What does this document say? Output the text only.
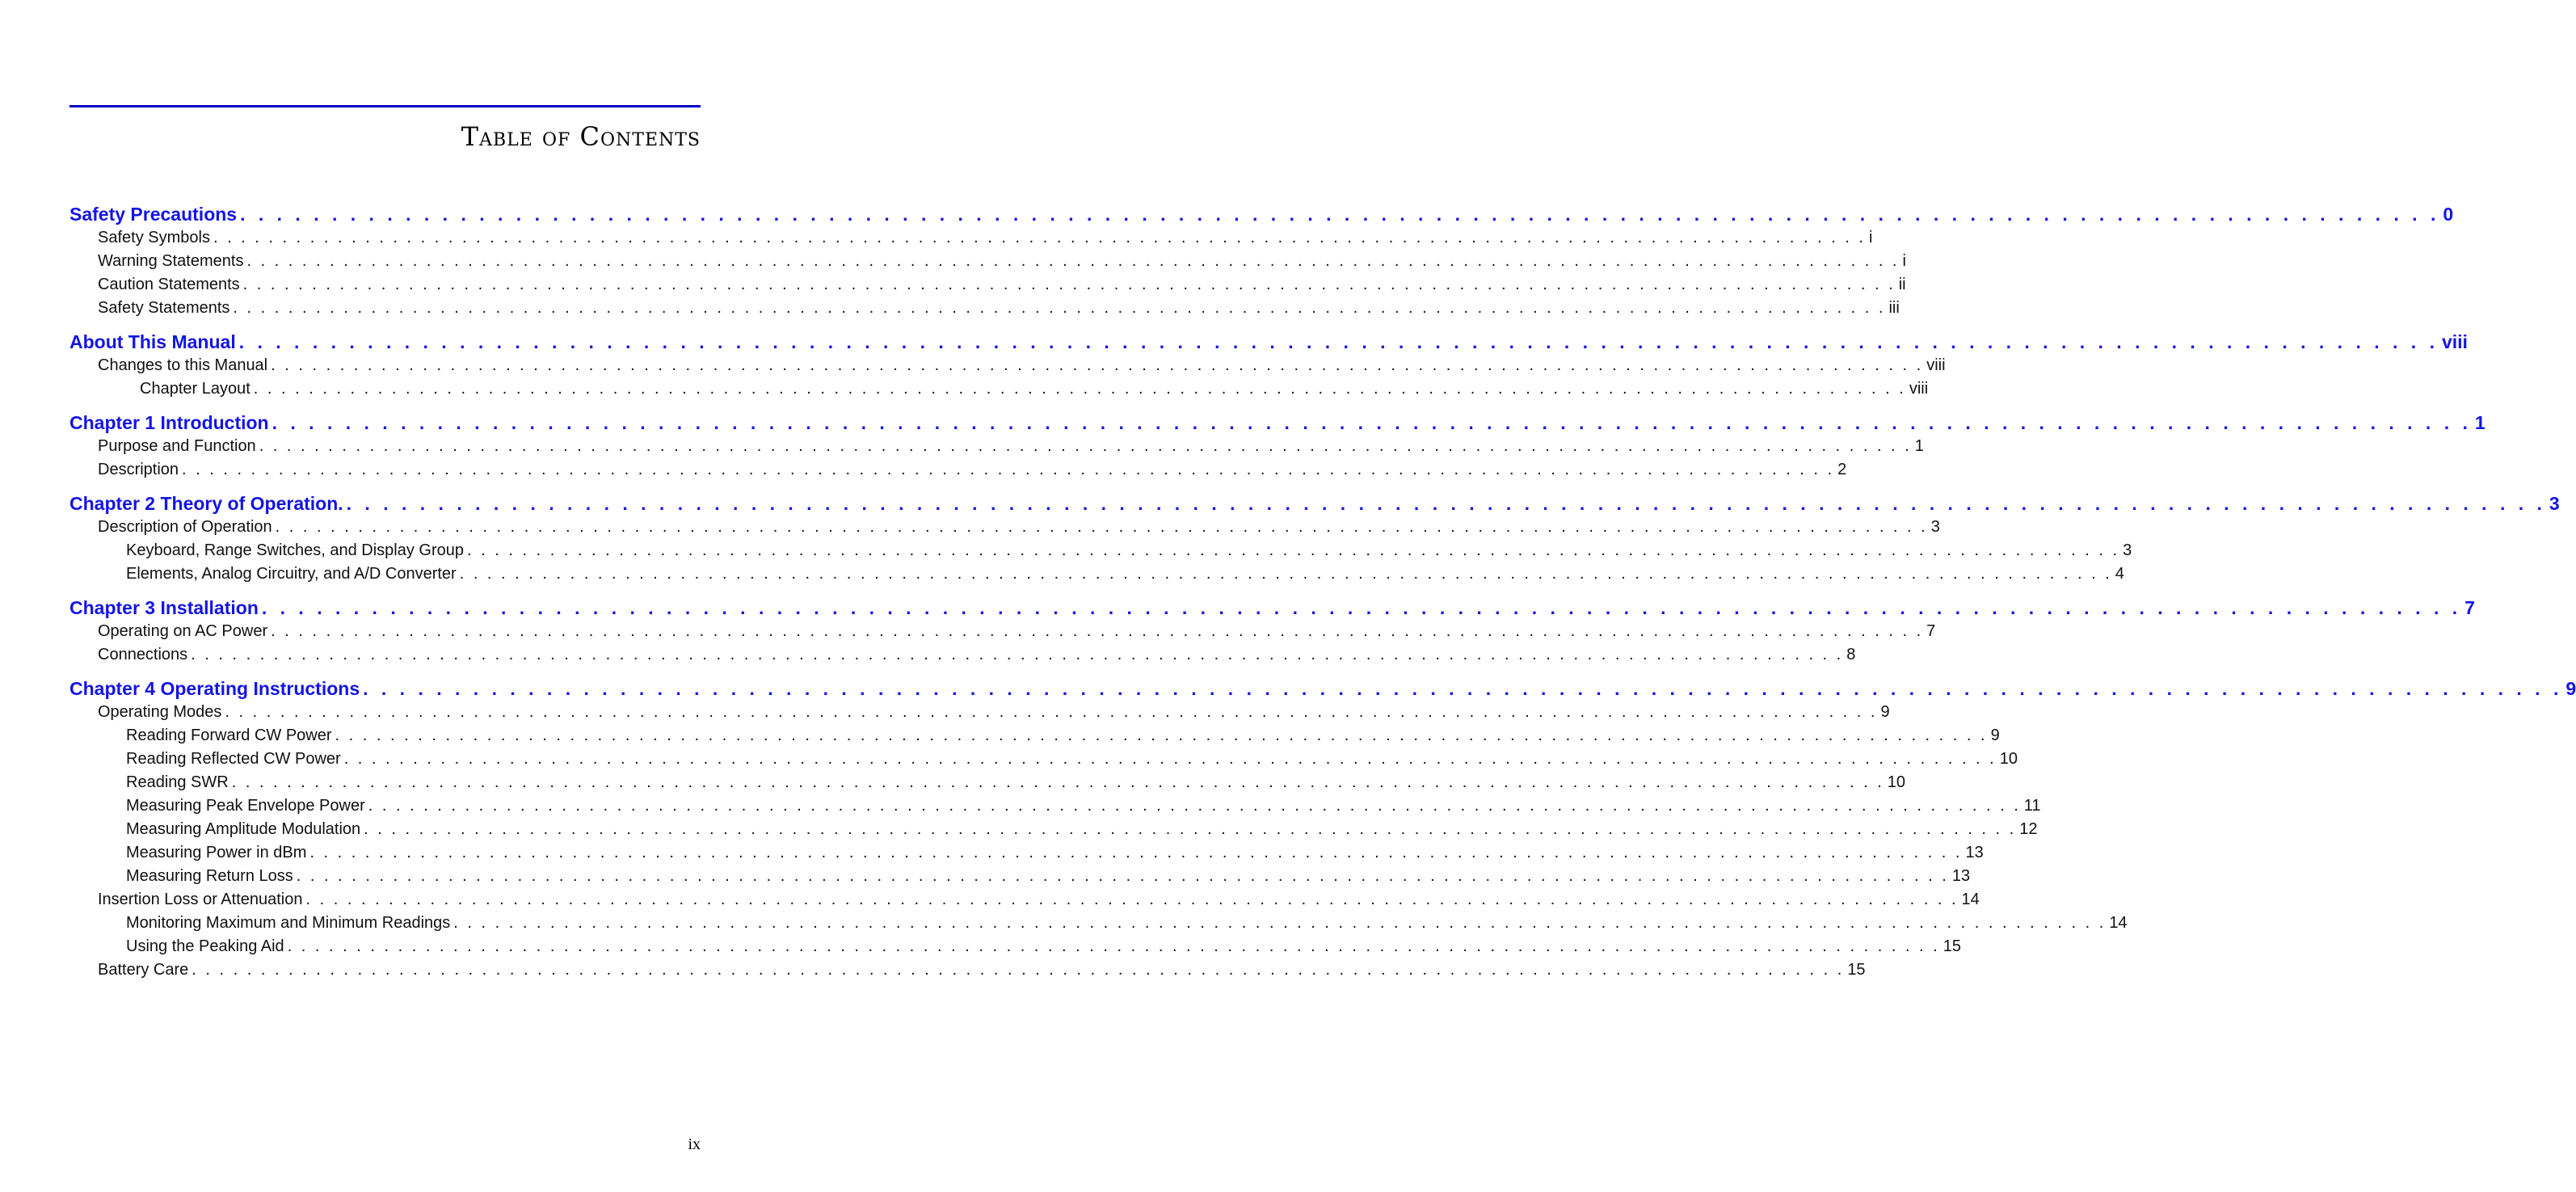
Table of Contents
Safety Precautions . . . . . . . . . . . . . . . . . . . . . . . . . . . . . . . . . . . . . . . . . . . . . . . . . . . . . . . . . . . . . . . . . . . . . . . . . . . . . . . . . . . . . . . . . . . . . . . . . . . . . . . . . . . . . . . . . . . . . . . . 0
Safety Symbols . . . . . . . . . . . . . . . . . . . . . . . . . . . . . . . . . . . . . . . . . . . . . . . . . . . . . . . . . . . . . . . . . . . . . . . . . . . . . . . . . . . . . . . . . . . . . . . . . . . . . . . . . . . . . . . . . . . . . . . . i
Warning Statements . . . . . . . . . . . . . . . . . . . . . . . . . . . . . . . . . . . . . . . . . . . . . . . . . . . . . . . . . . . . . . . . . . . . . . . . . . . . . . . . . . . . . . . . . . . . . . . . . . . . . . . . . . . . . . . . . . . . . . . . i
Caution Statements . . . . . . . . . . . . . . . . . . . . . . . . . . . . . . . . . . . . . . . . . . . . . . . . . . . . . . . . . . . . . . . . . . . . . . . . . . . . . . . . . . . . . . . . . . . . . . . . . . . . . . . . . . . . . . . . . . . . . . . . ii
Safety Statements . . . . . . . . . . . . . . . . . . . . . . . . . . . . . . . . . . . . . . . . . . . . . . . . . . . . . . . . . . . . . . . . . . . . . . . . . . . . . . . . . . . . . . . . . . . . . . . . . . . . . . . . . . . . . . . . . . . . . . . . iii
About This Manual . . . . . . . . . . . . . . . . . . . . . . . . . . . . . . . . . . . . . . . . . . . . . . . . . . . . . . . . . . . . . . . . . . . . . . . . . . . . . . . . . . . . . . . . . . . . . . . . . . . . . . . . . . . . . . . . . . . . . . . . viii
Changes to this Manual . . . . . . . . . . . . . . . . . . . . . . . . . . . . . . . . . . . . . . . . . . . . . . . . . . . . . . . . . . . . . . . . . . . . . . . . . . . . . . . . . . . . . . . . . . . . . . . . . . . . . . . . . . . . . . . . . . . . . . . . viii
Chapter Layout . . . . . . . . . . . . . . . . . . . . . . . . . . . . . . . . . . . . . . . . . . . . . . . . . . . . . . . . . . . . . . . . . . . . . . . . . . . . . . . . . . . . . . . . . . . . . . . . . . . . . . . . . . . . . . . . . . . . . . . . viii
Chapter 1 Introduction . . . . . . . . . . . . . . . . . . . . . . . . . . . . . . . . . . . . . . . . . . . . . . . . . . . . . . . . . . . . . . . . . . . . . . . . . . . . . . . . . . . . . . . . . . . . . . . . . . . . . . . . . . . . . . . . . . . . . . . . 1
Purpose and Function . . . . . . . . . . . . . . . . . . . . . . . . . . . . . . . . . . . . . . . . . . . . . . . . . . . . . . . . . . . . . . . . . . . . . . . . . . . . . . . . . . . . . . . . . . . . . . . . . . . . . . . . . . . . . . . . . . . . . . . . 1
Description . . . . . . . . . . . . . . . . . . . . . . . . . . . . . . . . . . . . . . . . . . . . . . . . . . . . . . . . . . . . . . . . . . . . . . . . . . . . . . . . . . . . . . . . . . . . . . . . . . . . . . . . . . . . . . . . . . . . . . . . 2
Chapter 2 Theory of Operation. . . . . . . . . . . . . . . . . . . . . . . . . . . . . . . . . . . . . . . . . . . . . . . . . . . . . . . . . . . . . . . . . . . . . . . . . . . . . . . . . . . . . . . . . . . . . . . . . . . . . . . . . . . . . . . . . . . . . . . . . 3
Description of Operation . . . . . . . . . . . . . . . . . . . . . . . . . . . . . . . . . . . . . . . . . . . . . . . . . . . . . . . . . . . . . . . . . . . . . . . . . . . . . . . . . . . . . . . . . . . . . . . . . . . . . . . . . . . . . . . . . . . . . . . . 3
Keyboard, Range Switches, and Display Group . . . . . . . . . . . . . . . . . . . . . . . . . . . . . . . . . . . . . . . . . . . . . . . . . . . . . . . . . . . . . . . . . . . . . . . . . . . . . . . . . . . . . . . . . . . . . . . . . . . . . . . . . . . . . . . . . . . . . . . . 3
Elements, Analog Circuitry, and A/D Converter . . . . . . . . . . . . . . . . . . . . . . . . . . . . . . . . . . . . . . . . . . . . . . . . . . . . . . . . . . . . . . . . . . . . . . . . . . . . . . . . . . . . . . . . . . . . . . . . . . . . . . . . . . . . . . . . . . . . . . . . 4
Chapter 3 Installation . . . . . . . . . . . . . . . . . . . . . . . . . . . . . . . . . . . . . . . . . . . . . . . . . . . . . . . . . . . . . . . . . . . . . . . . . . . . . . . . . . . . . . . . . . . . . . . . . . . . . . . . . . . . . . . . . . . . . . . . 7
Operating on AC Power . . . . . . . . . . . . . . . . . . . . . . . . . . . . . . . . . . . . . . . . . . . . . . . . . . . . . . . . . . . . . . . . . . . . . . . . . . . . . . . . . . . . . . . . . . . . . . . . . . . . . . . . . . . . . . . . . . . . . . . . 7
Connections . . . . . . . . . . . . . . . . . . . . . . . . . . . . . . . . . . . . . . . . . . . . . . . . . . . . . . . . . . . . . . . . . . . . . . . . . . . . . . . . . . . . . . . . . . . . . . . . . . . . . . . . . . . . . . . . . . . . . . . . 8
Chapter 4 Operating Instructions . . . . . . . . . . . . . . . . . . . . . . . . . . . . . . . . . . . . . . . . . . . . . . . . . . . . . . . . . . . . . . . . . . . . . . . . . . . . . . . . . . . . . . . . . . . . . . . . . . . . . . . . . . . . . . . . . . . . . . . . 9
Operating Modes . . . . . . . . . . . . . . . . . . . . . . . . . . . . . . . . . . . . . . . . . . . . . . . . . . . . . . . . . . . . . . . . . . . . . . . . . . . . . . . . . . . . . . . . . . . . . . . . . . . . . . . . . . . . . . . . . . . . . . . . 9
Reading Forward CW Power . . . . . . . . . . . . . . . . . . . . . . . . . . . . . . . . . . . . . . . . . . . . . . . . . . . . . . . . . . . . . . . . . . . . . . . . . . . . . . . . . . . . . . . . . . . . . . . . . . . . . . . . . . . . . . . . . . . . . . . . 9
Reading Reflected CW Power . . . . . . . . . . . . . . . . . . . . . . . . . . . . . . . . . . . . . . . . . . . . . . . . . . . . . . . . . . . . . . . . . . . . . . . . . . . . . . . . . . . . . . . . . . . . . . . . . . . . . . . . . . . . . . . . . . . . . . . . 10
Reading SWR . . . . . . . . . . . . . . . . . . . . . . . . . . . . . . . . . . . . . . . . . . . . . . . . . . . . . . . . . . . . . . . . . . . . . . . . . . . . . . . . . . . . . . . . . . . . . . . . . . . . . . . . . . . . . . . . . . . . . . . . 10
Measuring Peak Envelope Power . . . . . . . . . . . . . . . . . . . . . . . . . . . . . . . . . . . . . . . . . . . . . . . . . . . . . . . . . . . . . . . . . . . . . . . . . . . . . . . . . . . . . . . . . . . . . . . . . . . . . . . . . . . . . . . . . . . . . . . . 11
Measuring Amplitude Modulation . . . . . . . . . . . . . . . . . . . . . . . . . . . . . . . . . . . . . . . . . . . . . . . . . . . . . . . . . . . . . . . . . . . . . . . . . . . . . . . . . . . . . . . . . . . . . . . . . . . . . . . . . . . . . . . . . . . . . . . . 12
Measuring Power in dBm . . . . . . . . . . . . . . . . . . . . . . . . . . . . . . . . . . . . . . . . . . . . . . . . . . . . . . . . . . . . . . . . . . . . . . . . . . . . . . . . . . . . . . . . . . . . . . . . . . . . . . . . . . . . . . . . . . . . . . . . 13
Measuring Return Loss . . . . . . . . . . . . . . . . . . . . . . . . . . . . . . . . . . . . . . . . . . . . . . . . . . . . . . . . . . . . . . . . . . . . . . . . . . . . . . . . . . . . . . . . . . . . . . . . . . . . . . . . . . . . . . . . . . . . . . . . 13
Insertion Loss or Attenuation . . . . . . . . . . . . . . . . . . . . . . . . . . . . . . . . . . . . . . . . . . . . . . . . . . . . . . . . . . . . . . . . . . . . . . . . . . . . . . . . . . . . . . . . . . . . . . . . . . . . . . . . . . . . . . . . . . . . . . . . 14
Monitoring Maximum and Minimum Readings . . . . . . . . . . . . . . . . . . . . . . . . . . . . . . . . . . . . . . . . . . . . . . . . . . . . . . . . . . . . . . . . . . . . . . . . . . . . . . . . . . . . . . . . . . . . . . . . . . . . . . . . . . . . . . . . . . . . . . . . 14
Using the Peaking Aid . . . . . . . . . . . . . . . . . . . . . . . . . . . . . . . . . . . . . . . . . . . . . . . . . . . . . . . . . . . . . . . . . . . . . . . . . . . . . . . . . . . . . . . . . . . . . . . . . . . . . . . . . . . . . . . . . . . . . . . . 15
Battery Care . . . . . . . . . . . . . . . . . . . . . . . . . . . . . . . . . . . . . . . . . . . . . . . . . . . . . . . . . . . . . . . . . . . . . . . . . . . . . . . . . . . . . . . . . . . . . . . . . . . . . . . . . . . . . . . . . . . . . . . . 15
ix
